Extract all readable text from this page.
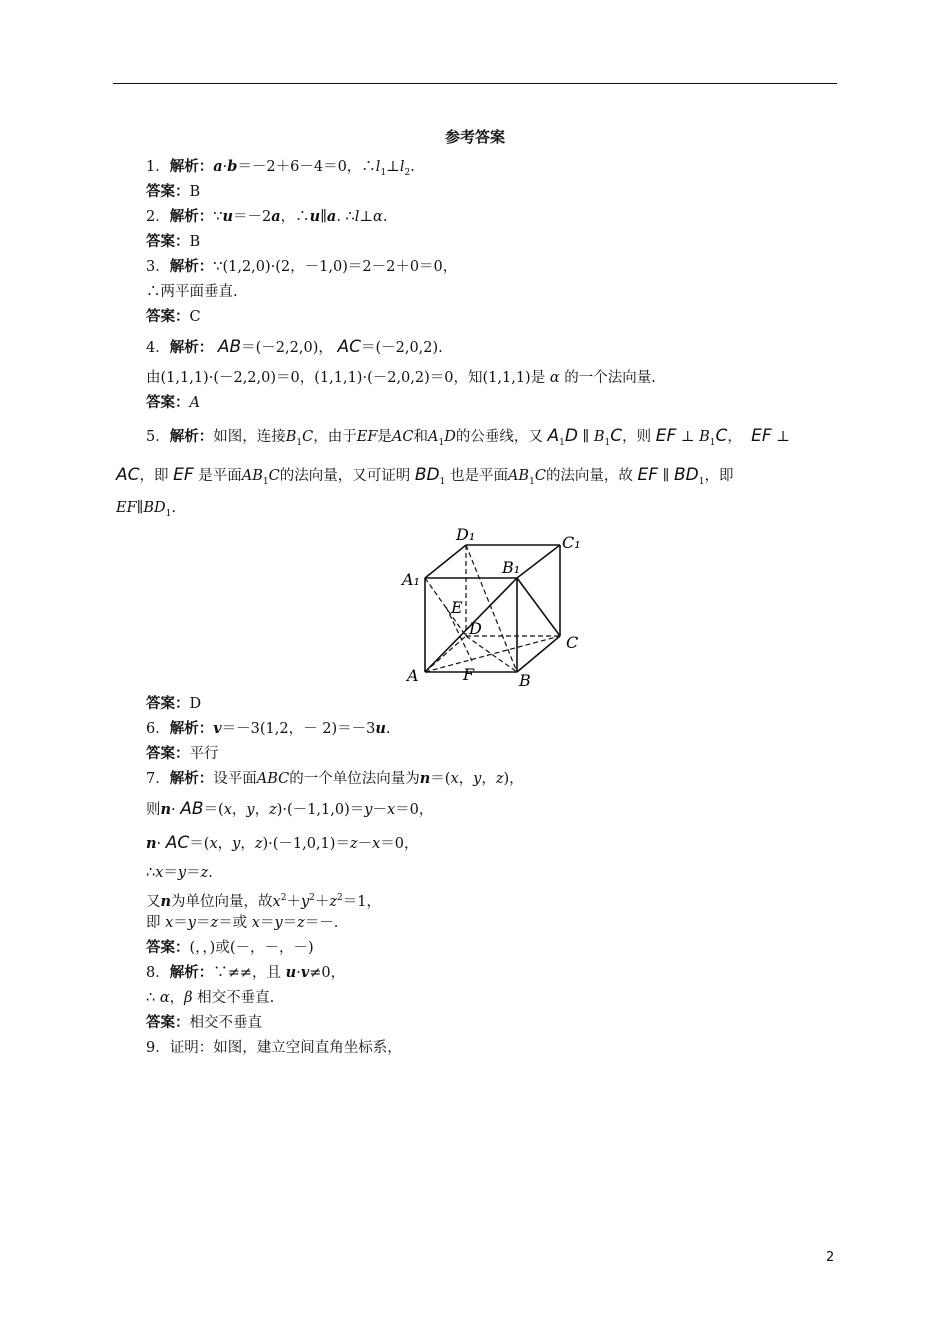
参考答案
1．解析：a·b＝－2＋6－4＝0，$\therefore l_1\perp l_2$.
答案：B
2．解析：∵u＝－2a，∴u∥a. ∴l⊥α.
答案：B
3．解析：∵(1,2,0)·(2，－1,0)＝2－2＋0＝0，
∴两平面垂直.
答案：C
4．解析： AB＝(－2,2,0)， AC＝(－2,0,2).
由(1,1,1)·(－2,2,0)＝0，(1,1,1)·(－2,0,2)＝0，知(1,1,1)是 α 的一个法向量.
答案：A
5．解析：如图，连接$B_1C$，由于EF是AC和$A_1D$的公垂线，又 $A_1D$ ∥ $B_1C$，则 EF ⊥ $B_1C$，  EF ⊥
AC，即 EF 是平面$AB_1C$的法向量，又可证明 $BD_1$ 也是平面$AB_1C$的法向量，故 EF ∥ $BD_1$，即
$EF\parallel BD_1$.
D₁	C₁
B₁
A₁
E
D
C
A	F	B
答案：D
6．解析：v＝－3(1,2，－ 2)＝－3u.
答案：平行
7．解析：设平面ABC的一个单位法向量为n＝(x，y，z)，
则n· AB＝(x，y，z)·(－1,1,0)＝y－x＝0，
n· AC＝(x，y，z)·(－1,0,1)＝z－x＝0，
∴x＝y＝z.
又n为单位向量，故$x^2+y^2+z^2=1$，
即 x＝y＝z＝或 x＝y＝z＝－.
答案：(，，)或(－，－，－)
8．解析：∵≠≠，且 u·v≠0，
∴ α，β 相交不垂直.
答案：相交不垂直
9．证明：如图，建立空间直角坐标系，
2
